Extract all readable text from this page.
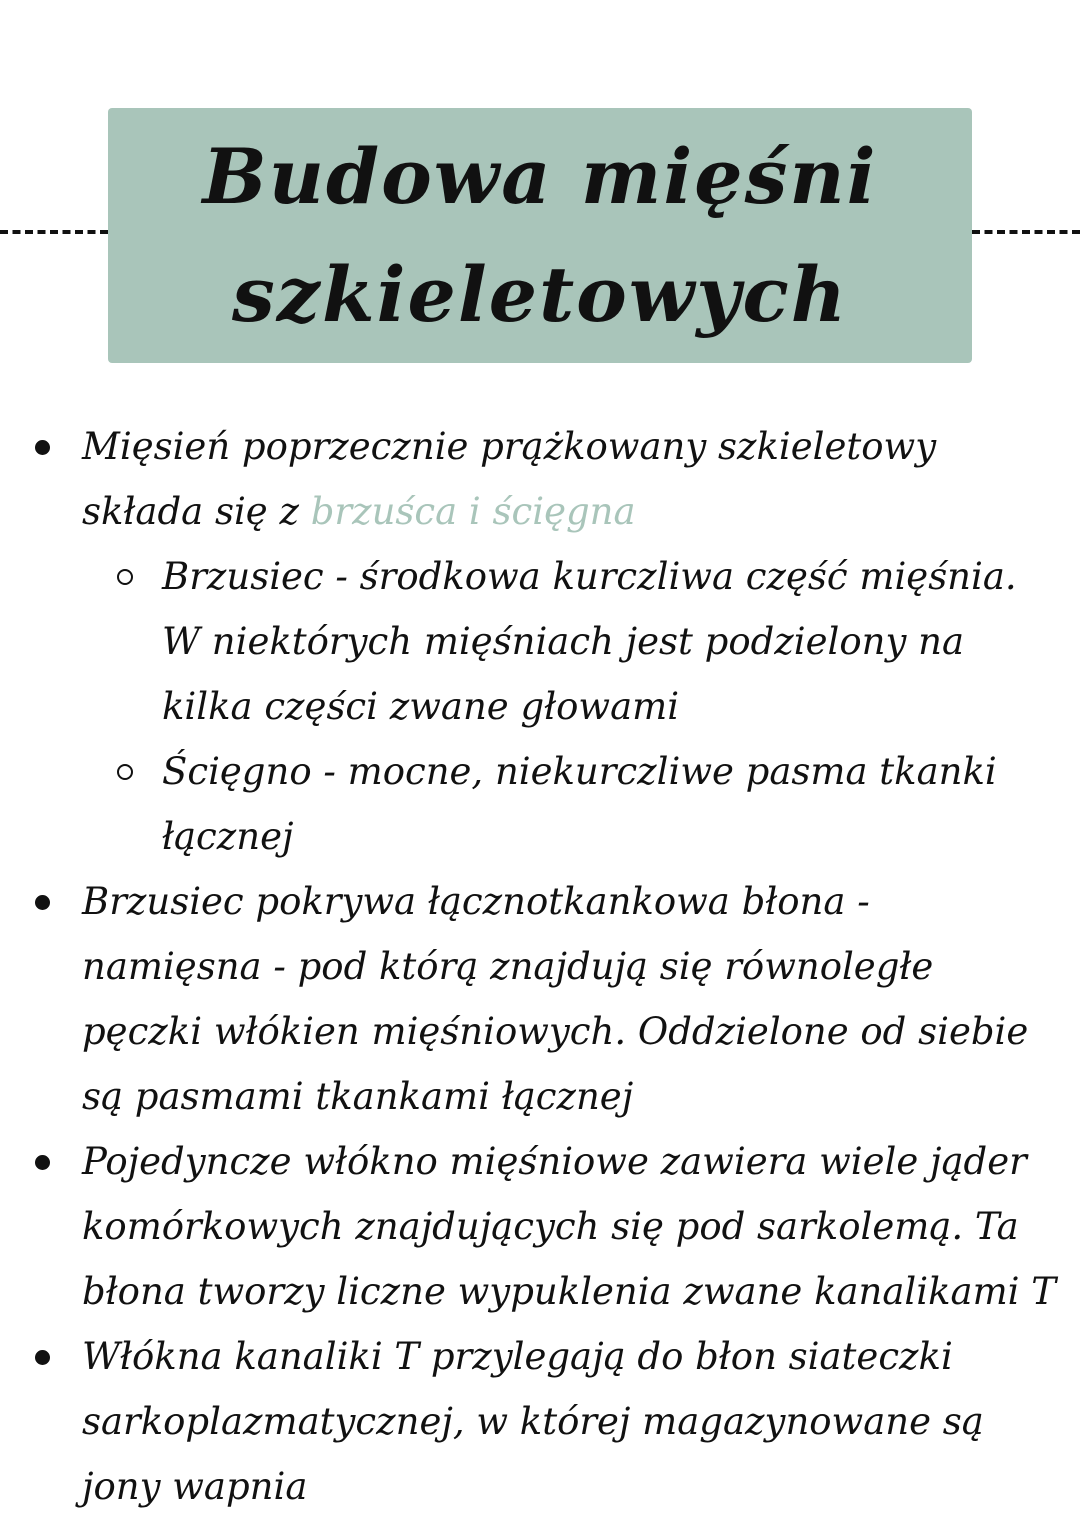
Budowa mięśni
szkieletowych
Mięsień poprzecznie prążkowany szkieletowy składa się z brzuśca i ścięgna
Brzusiec - środkowa kurczliwa część mięśnia. W niektórych mięśniach jest podzielony na kilka części zwane głowami
Ścięgno - mocne, niekurczliwe pasma tkanki łącznej
Brzusiec pokrywa łącznotkankowa błona - namięsna - pod którą znajdują się równoległe pęczki włókien mięśniowych. Oddzielone od siebie są pasmami tkankami łącznej
Pojedyncze włókno mięśniowe zawiera wiele jąder komórkowych znajdujących się pod sarkolemą. Ta błona tworzy liczne wypuklenia zwane kanalikami T
Włókna kanaliki T przylegają do błon siateczki sarkoplazmatycznej, w której magazynowane są jony wapnia
